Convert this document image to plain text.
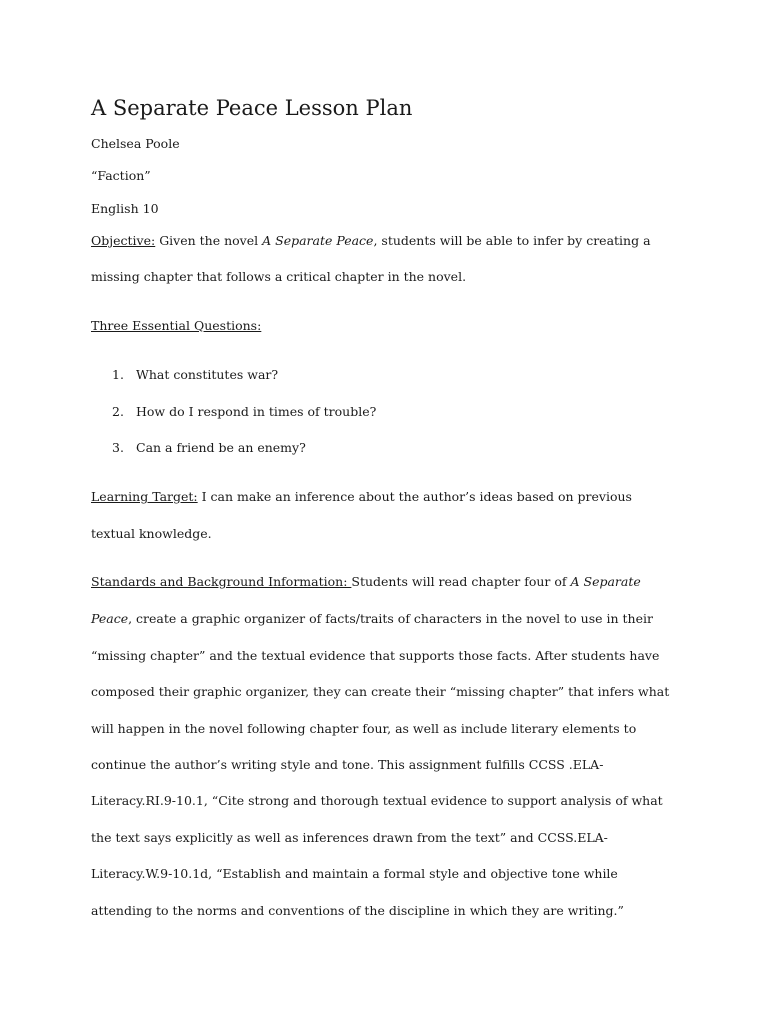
A Separate Peace Lesson Plan
Chelsea Poole
“Faction”
English 10
Objective: Given the novel A Separate Peace, students will be able to infer by creating a
missing chapter that follows a critical chapter in the novel.
Three Essential Questions:
1. What constitutes war?
2. How do I respond in times of trouble?
3. Can a friend be an enemy?
Learning Target: I can make an inference about the author’s ideas based on previous
textual knowledge.
Standards and Background Information: Students will read chapter four of A Separate
Peace, create a graphic organizer of facts/traits of characters in the novel to use in their
“missing chapter” and the textual evidence that supports those facts. After students have
composed their graphic organizer, they can create their “missing chapter” that infers what
will happen in the novel following chapter four, as well as include literary elements to
continue the author’s writing style and tone. This assignment fulfills CCSS .ELA-
Literacy.RI.9-10.1, “Cite strong and thorough textual evidence to support analysis of what
the text says explicitly as well as inferences drawn from the text” and CCSS.ELA-
Literacy.W.9-10.1d, “Establish and maintain a formal style and objective tone while
attending to the norms and conventions of the discipline in which they are writing.”
